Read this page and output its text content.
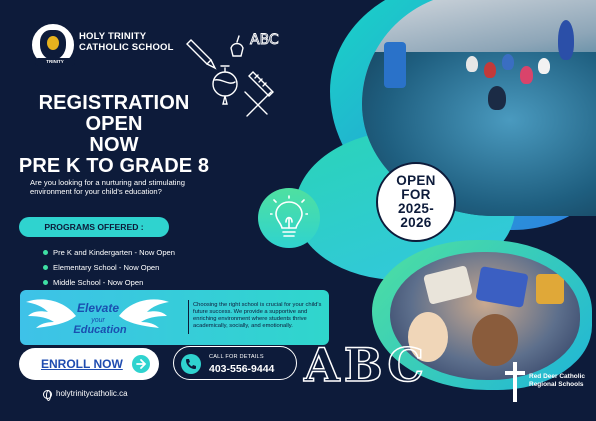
TRINITY
HOLY TRINITY
CATHOLIC SCHOOL	ABC
REGISTRATION OPEN
NOW
PRE K TO GRADE 8
Are you looking for a nurturing and stimulating environment for your child's education?
PROGRAMS OFFERED :
Pre K and Kindergarten - Now Open
Elementary School - Now Open
Middle School - Now Open
Elevate
your
Education
Choosing the right school is crucial for your child's future success. We provide a supportive and enriching environment where students thrive academically, socially, and emotionally.
ENROLL NOW
holytrinitycatholic.ca
CALL FOR DETAILS
403-556-9444
OPEN
FOR
2025-
2026
ABC	Red Deer Catholic
Regional Schools
